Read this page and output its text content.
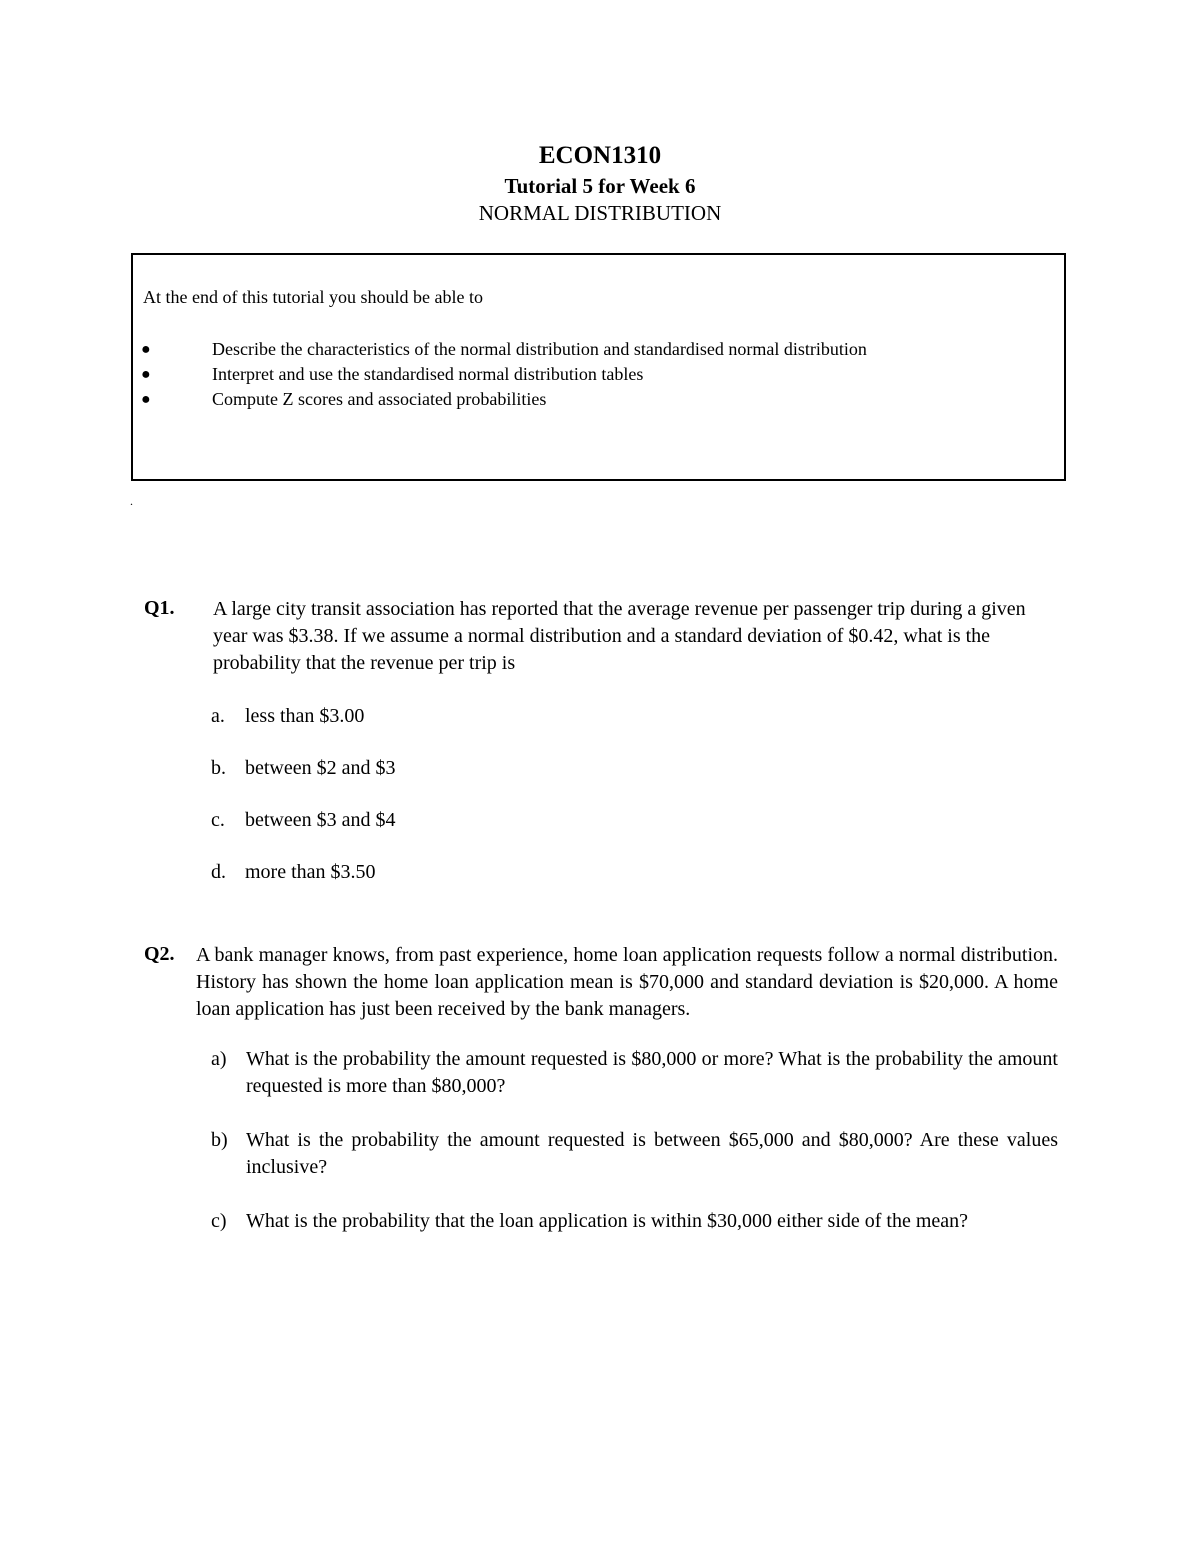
ECON1310
Tutorial 5 for Week 6
NORMAL DISTRIBUTION
At the end of this tutorial you should be able to
●	Describe the characteristics of the normal distribution and standardised normal distribution
●	Interpret and use the standardised normal distribution tables
●	Compute Z scores and associated probabilities
.
Q1. A large city transit association has reported that the average revenue per passenger trip during a given year was $3.38. If we assume a normal distribution and a standard deviation of $0.42, what is the probability that the revenue per trip is

a.	less than $3.00
b. between $2 and $3
c.	between $3 and $4
d. more than $3.50
Q2. A bank manager knows, from past experience, home loan application requests follow a normal distribution. History has shown the home loan application mean is $70,000 and standard deviation is $20,000. A home loan application has just been received by the bank managers.
a) What is the probability the amount requested is $80,000 or more? What is the probability the amount requested is more than $80,000?
b) What is the probability the amount requested is between $65,000 and $80,000? Are these values inclusive?
c) What is the probability that the loan application is within $30,000 either side of the mean?
